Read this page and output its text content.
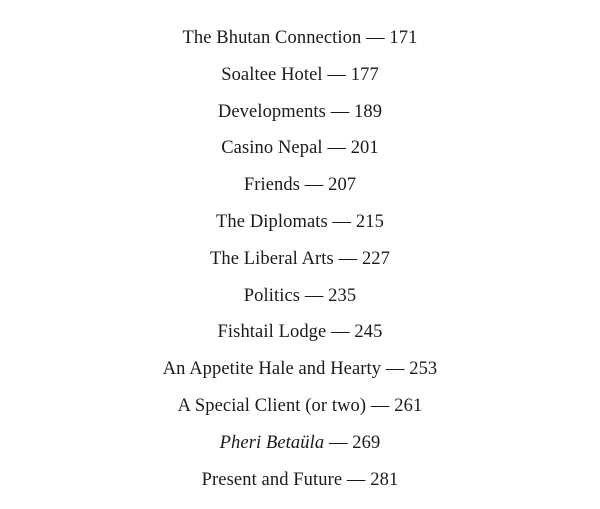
The Bhutan Connection — 171
Soaltee Hotel — 177
Developments — 189
Casino Nepal — 201
Friends — 207
The Diplomats — 215
The Liberal Arts — 227
Politics — 235
Fishtail Lodge — 245
An Appetite Hale and Hearty — 253
A Special Client (or two) — 261
Pheri Betaüla — 269
Present and Future — 281
